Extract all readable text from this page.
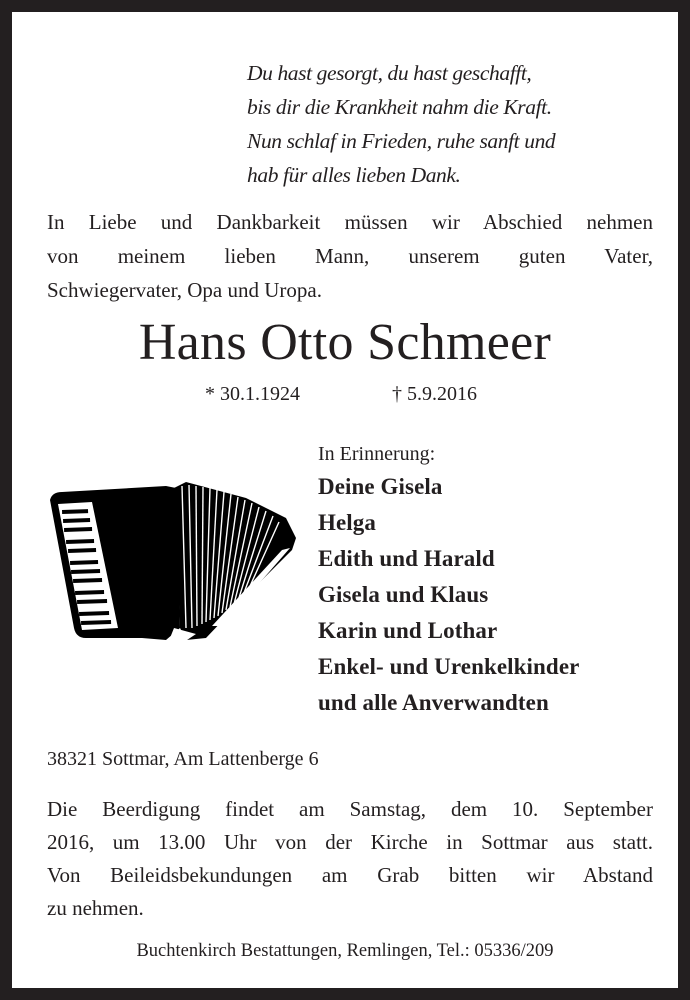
Du hast gesorgt, du hast geschafft,
bis dir die Krankheit nahm die Kraft.
Nun schlaf in Frieden, ruhe sanft und
hab für alles lieben Dank.
In Liebe und Dankbarkeit müssen wir Abschied nehmen
von meinem lieben Mann, unserem guten Vater,
Schwiegervater, Opa und Uropa.
Hans Otto Schmeer
* 30.1.1924	† 5.9.2016
In Erinnerung:
Deine Gisela
Helga
Edith und Harald
Gisela und Klaus
Karin und Lothar
Enkel- und Urenkelkinder
und alle Anverwandten
38321 Sottmar, Am Lattenberge 6
Die Beerdigung findet am Samstag, dem 10. September
2016, um 13.00 Uhr von der Kirche in Sottmar aus statt.
Von Beileidsbekundungen am Grab bitten wir Abstand
zu nehmen.
Buchtenkirch Bestattungen, Remlingen, Tel.: 05336/209
